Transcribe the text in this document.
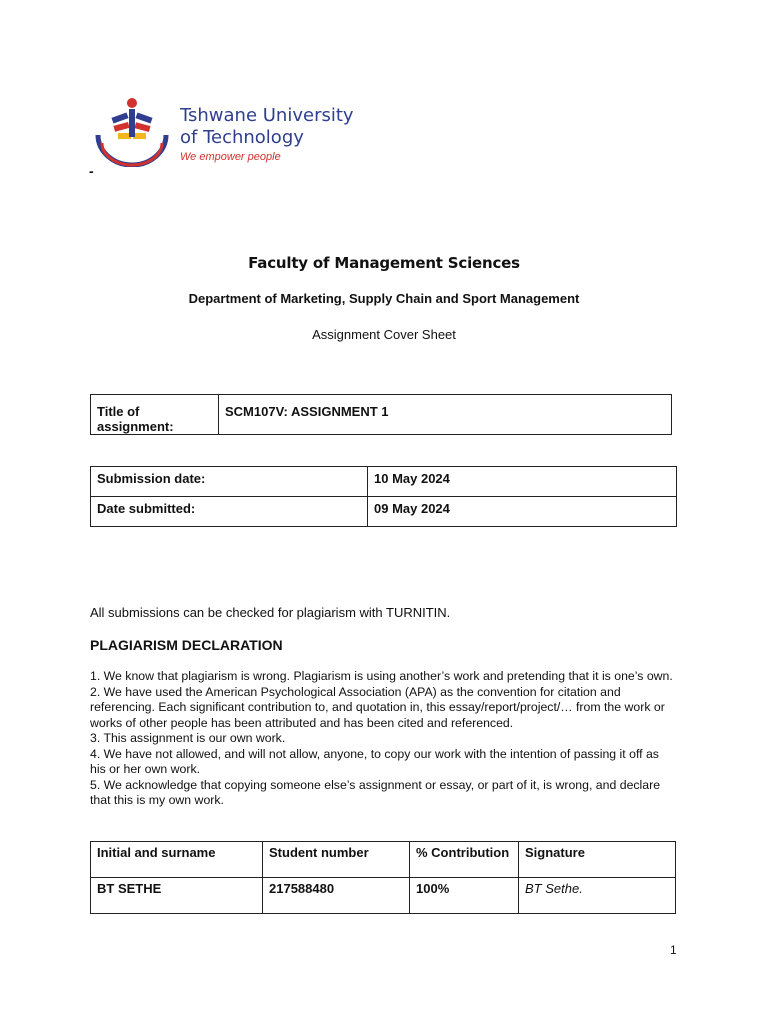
Tshwane University
of Technology
We empower people
-
Faculty of Management Sciences
Department of Marketing, Supply Chain and Sport Management
Assignment Cover Sheet
Title of assignment:	SCM107V: ASSIGNMENT 1
Submission date:	10 May 2024
Date submitted:	09 May 2024
All submissions can be checked for plagiarism with TURNITIN.
PLAGIARISM DECLARATION

1. We know that plagiarism is wrong. Plagiarism is using another’s work and pretending that it is one’s own.

2. We have used the American Psychological Association (APA) as the convention for citation and referencing. Each significant contribution to, and quotation in, this essay/report/project/… from the work or works of other people has been attributed and has been cited and referenced.

3. This assignment is our own work.

4. We have not allowed, and will not allow, anyone, to copy our work with the intention of passing it off as his or her own work.

5. We acknowledge that copying someone else’s assignment or essay, or part of it, is wrong, and declare that this is my own work.

Initial and surname	Student number	% Contribution	Signature
BT SETHE	217588480	100%	BT Sethe.
1
